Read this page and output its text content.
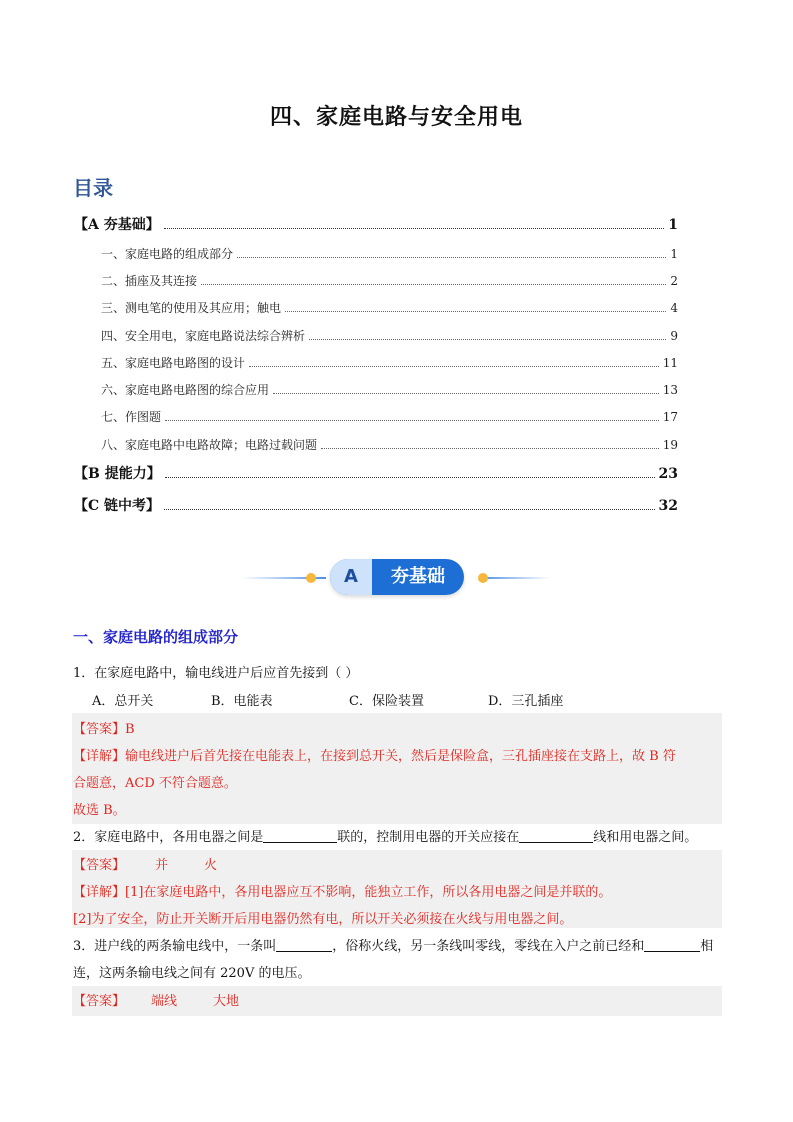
四、家庭电路与安全用电
目录
【A 夯基础】	1
一、家庭电路的组成部分	1
二、插座及其连接	2
三、测电笔的使用及其应用；触电	4
四、安全用电，家庭电路说法综合辨析	9
五、家庭电路电路图的设计	11
六、家庭电路电路图的综合应用	13
七、作图题	17
八、家庭电路中电路故障；电路过载问题	19
【B 提能力】	23
【C 链中考】	32
A	夯基础
一、家庭电路的组成部分
1．在家庭电路中，输电线进户后应首先接到（ ）
A．总开关	B．电能表	C．保险装置	D．三孔插座
【答案】B
【详解】输电线进户后首先接在电能表上，在接到总开关，然后是保险盒，三孔插座接在支路上，故 B 符
合题意，ACD 不符合题意。
故选 B。
2．家庭电路中，各用电器之间是	联的，控制用电器的开关应接在	线和用电器之间。
【答案】 并	火
【详解】[1]在家庭电路中，各用电器应互不影响，能独立工作，所以各用电器之间是并联的。
[2]为了安全，防止开关断开后用电器仍然有电，所以开关必须接在火线与用电器之间。
3．进户线的两条输电线中，一条叫	，俗称火线，另一条线叫零线，零线在入户之前已经和	相
连，这两条输电线之间有 220V 的电压。
【答案】 端线	大地
